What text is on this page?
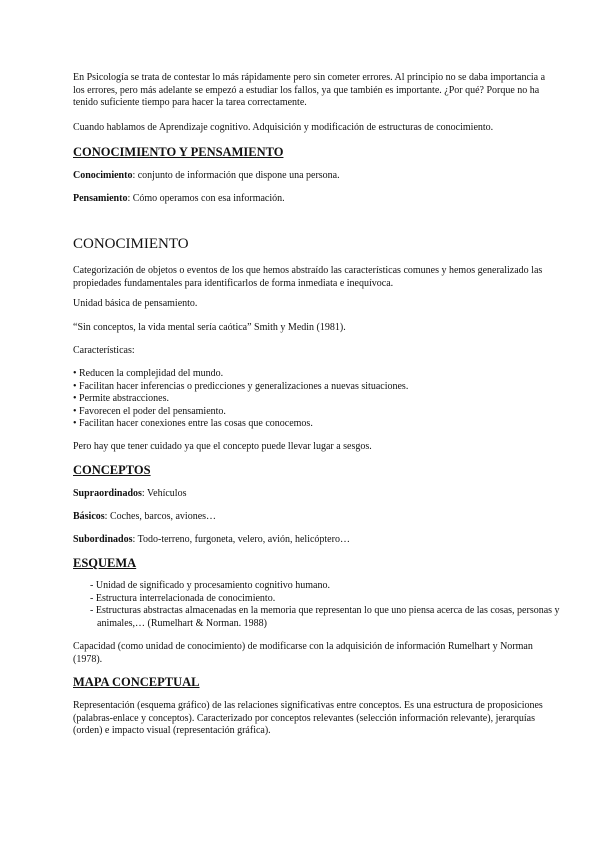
En Psicología se trata de contestar lo más rápidamente pero sin cometer errores. Al principio no se daba importancia a los errores, pero más adelante se empezó a estudiar los fallos, ya que también es importante. ¿Por qué? Porque no ha tenido suficiente tiempo para hacer la tarea correctamente.

Cuando hablamos de Aprendizaje cognitivo. Adquisición y modificación de estructuras de conocimiento.

CONOCIMIENTO Y PENSAMIENTO

Conocimiento: conjunto de información que dispone una persona.

Pensamiento: Cómo operamos con esa información.

CONOCIMIENTO

Categorización de objetos o eventos de los que hemos abstraído las características comunes y hemos generalizado las propiedades fundamentales para identificarlos de forma inmediata e inequívoca.

Unidad básica de pensamiento.

“Sin conceptos, la vida mental sería caótica” Smith y Medin (1981).

Características:

• Reducen la complejidad del mundo.
• Facilitan hacer inferencias o predicciones y generalizaciones a nuevas situaciones.
• Permite abstracciones.
• Favorecen el poder del pensamiento.
• Facilitan hacer conexiones entre las cosas que conocemos.

Pero hay que tener cuidado ya que el concepto puede llevar lugar a sesgos.

CONCEPTOS

Supraordinados: Vehículos

Básicos: Coches, barcos, aviones…

Subordinados: Todo-terreno, furgoneta, velero, avión, helicóptero…

ESQUEMA

- Unidad de significado y procesamiento cognitivo humano.
- Estructura interrelacionada de conocimiento.
- Estructuras abstractas almacenadas en la memoria que representan lo que uno piensa acerca de las cosas, personas y animales,… (Rumelhart & Norman. 1988)

Capacidad (como unidad de conocimiento) de modificarse con la adquisición de información Rumelhart y Norman (1978).

MAPA CONCEPTUAL

Representación (esquema gráfico) de las relaciones significativas entre conceptos. Es una estructura de proposiciones (palabras-enlace y conceptos). Caracterizado por conceptos relevantes (selección información relevante), jerarquías (orden) e impacto visual (representación gráfica).
